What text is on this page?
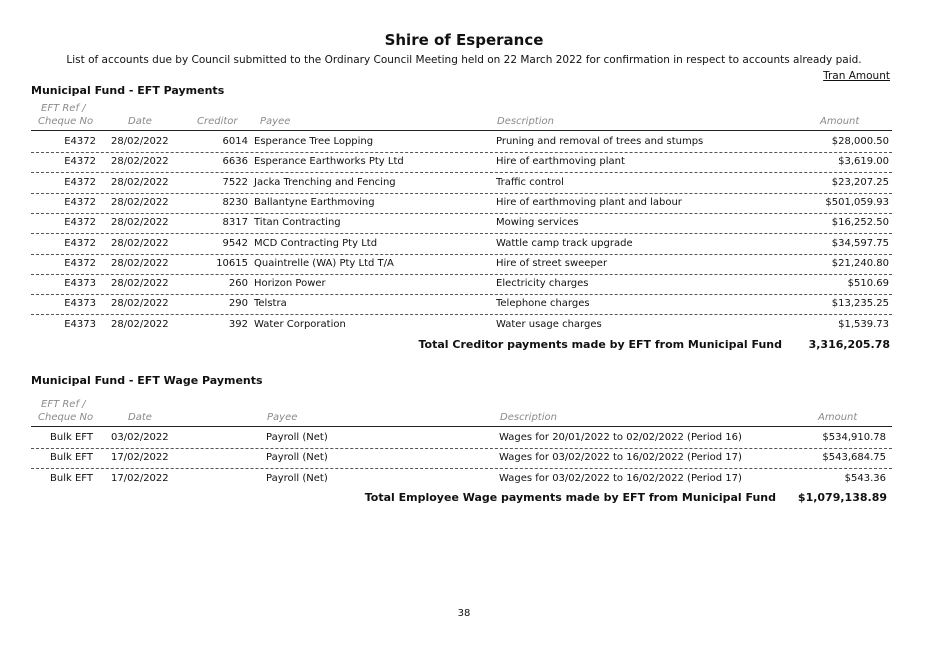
Shire of Esperance
List of accounts due by Council submitted to the Ordinary Council Meeting held on 22 March 2022 for confirmation in respect to accounts already paid.
Tran Amount
Municipal Fund - EFT Payments
EFT Ref /
Cheque No	Date	Creditor Payee	Description	Amount
E4372 28/02/2022	6014 Esperance Tree Lopping	Pruning and removal of trees and stumps	$28,000.50
E4372 28/02/2022	6636 Esperance Earthworks Pty Ltd	Hire of earthmoving plant	$3,619.00
E4372 28/02/2022	7522 Jacka Trenching and Fencing	Traffic control	$23,207.25
E4372 28/02/2022	8230 Ballantyne Earthmoving	Hire of earthmoving plant and labour	$501,059.93
E4372 28/02/2022	8317 Titan Contracting	Mowing services	$16,252.50
E4372 28/02/2022	9542 MCD Contracting Pty Ltd	Wattle camp track upgrade	$34,597.75
E4372 28/02/2022	10615 Quaintrelle (WA) Pty Ltd T/A	Hire of street sweeper	$21,240.80
E4373 28/02/2022	260 Horizon Power	Electricity charges	$510.69
E4373 28/02/2022	290 Telstra	Telephone charges	$13,235.25
E4373 28/02/2022	392 Water Corporation	Water usage charges	$1,539.73
Total Creditor payments made by EFT from Municipal Fund 3,316,205.78
Municipal Fund - EFT Wage Payments
EFT Ref /
Cheque No	Date	Payee	Description	Amount
Bulk EFT 03/02/2022	Payroll (Net)	Wages for 20/01/2022 to 02/02/2022 (Period 16)	$534,910.78
Bulk EFT 17/02/2022	Payroll (Net)	Wages for 03/02/2022 to 16/02/2022 (Period 17)	$543,684.75
Bulk EFT 17/02/2022	Payroll (Net)	Wages for 03/02/2022 to 16/02/2022 (Period 17)	$543.36
Total Employee Wage payments made by EFT from Municipal Fund $1,079,138.89
38
